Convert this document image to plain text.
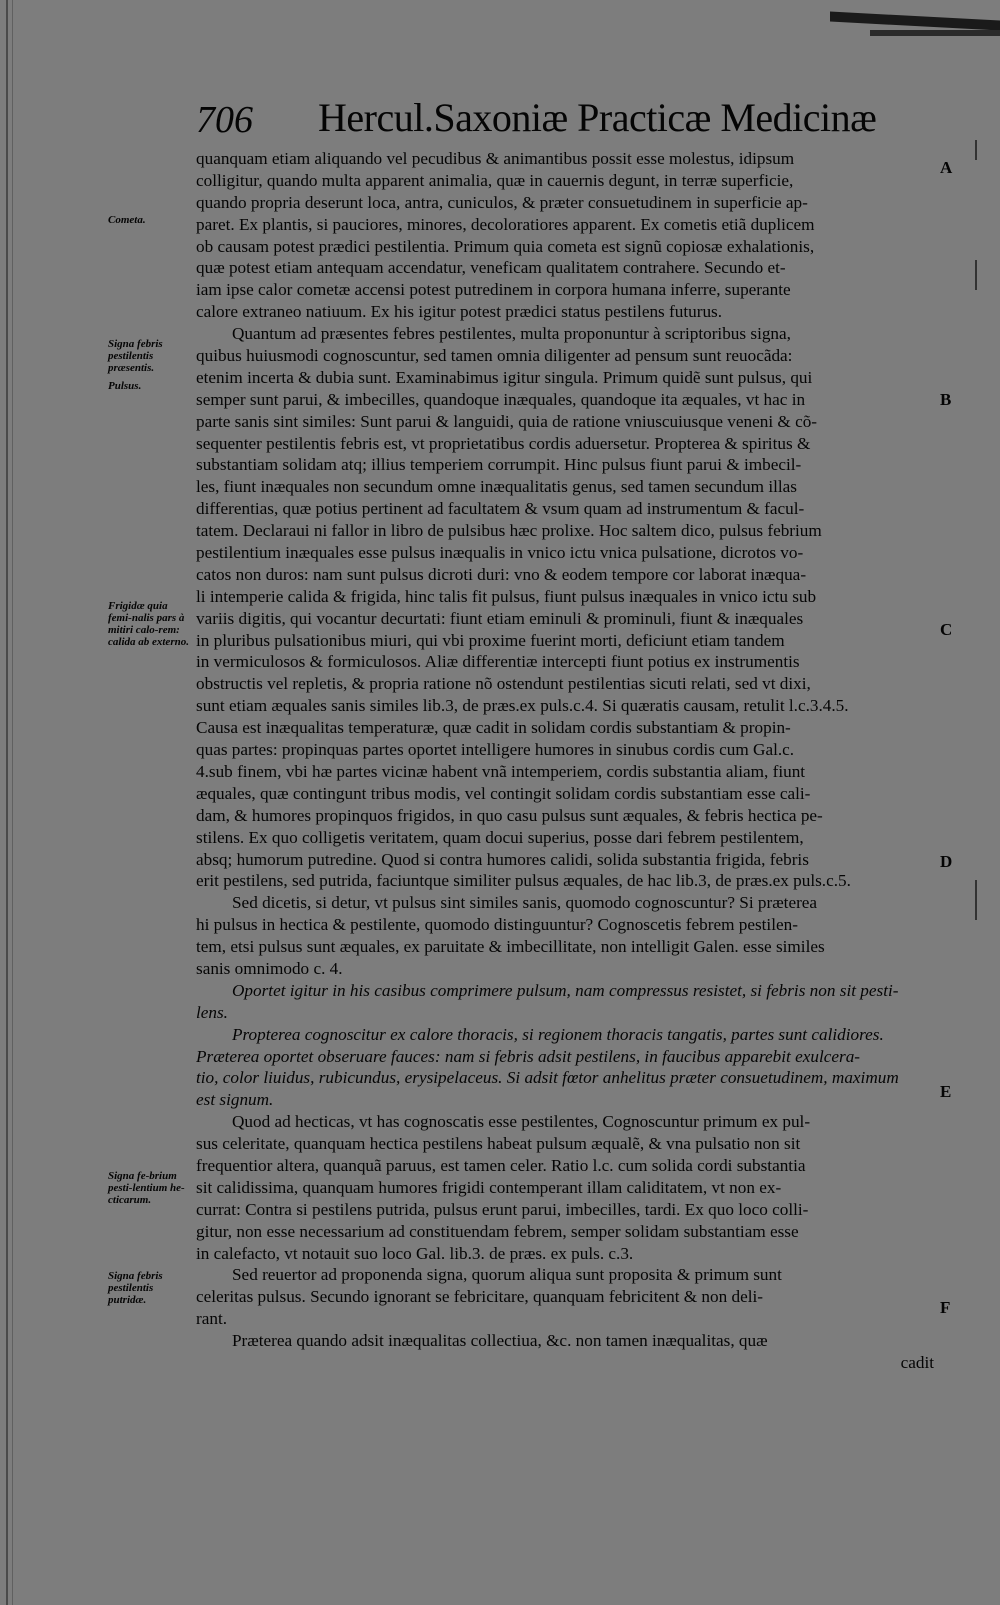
706 Hercul.Saxoniæ Practicæ Medicinæ
Cometa.
Signa febris pestilentis præsentis.
Pulsus.
Frigidæ quia femi-nalis pars à mitiri calo-rem: calida ab externo.
Signa fe-brium pesti-lentium he-cticarum.
Signa febris pestilentis putridæ.
A
B
C
D
E
F
quanquam etiam aliquando vel pecudibus & animantibus possit esse molestus, idipsum
colligitur, quando multa apparent animalia, quæ in cauernis degunt, in terræ superficie,
quando propria deserunt loca, antra, cuniculos, & præter consuetudinem in superficie ap-
paret. Ex plantis, si pauciores, minores, decoloratiores apparent. Ex cometis etiã duplicem
ob causam potest prædici pestilentia. Primum quia cometa est signũ copiosæ exhalationis,
quæ potest etiam antequam accendatur, veneficam qualitatem contrahere. Secundo et-
iam ipse calor cometæ accensi potest putredinem in corpora humana inferre, superante
calore extraneo natiuum. Ex his igitur potest prædici status pestilens futurus.
Quantum ad præsentes febres pestilentes, multa proponuntur à scriptoribus signa,
quibus huiusmodi cognoscuntur, sed tamen omnia diligenter ad pensum sunt reuocãda:
etenim incerta & dubia sunt. Examinabimus igitur singula. Primum quidẽ sunt pulsus, qui
semper sunt parui, & imbecilles, quandoque inæquales, quandoque ita æquales, vt hac in
parte sanis sint similes: Sunt parui & languidi, quia de ratione vniuscuiusque veneni & cõ-
sequenter pestilentis febris est, vt proprietatibus cordis aduersetur. Propterea & spiritus &
substantiam solidam atq; illius temperiem corrumpit. Hinc pulsus fiunt parui & imbecil-
les, fiunt inæquales non secundum omne inæqualitatis genus, sed tamen secundum illas
differentias, quæ potius pertinent ad facultatem & vsum quam ad instrumentum & facul-
tatem. Declaraui ni fallor in libro de pulsibus hæc prolixe. Hoc saltem dico, pulsus febrium
pestilentium inæquales esse pulsus inæqualis in vnico ictu vnica pulsatione, dicrotos vo-
catos non duros: nam sunt pulsus dicroti duri: vno & eodem tempore cor laborat inæqua-
li intemperie calida & frigida, hinc talis fit pulsus, fiunt pulsus inæquales in vnico ictu sub
variis digitis, qui vocantur decurtati: fiunt etiam eminuli & prominuli, fiunt & inæquales
in pluribus pulsationibus miuri, qui vbi proxime fuerint morti, deficiunt etiam tandem
in vermiculosos & formiculosos. Aliæ differentiæ intercepti fiunt potius ex instrumentis
obstructis vel repletis, & propria ratione nõ ostendunt pestilentias sicuti relati, sed vt dixi,
sunt etiam æquales sanis similes lib.3, de præs.ex puls.c.4. Si quæratis causam, retulit l.c.3.4.5.
Causa est inæqualitas temperaturæ, quæ cadit in solidam cordis substantiam & propin-
quas partes: propinquas partes oportet intelligere humores in sinubus cordis cum Gal.c.
4.sub finem, vbi hæ partes vicinæ habent vnã intemperiem, cordis substantia aliam, fiunt
æquales, quæ contingunt tribus modis, vel contingit solidam cordis substantiam esse cali-
dam, & humores propinquos frigidos, in quo casu pulsus sunt æquales, & febris hectica pe-
stilens. Ex quo colligetis veritatem, quam docui superius, posse dari febrem pestilentem,
absq; humorum putredine. Quod si contra humores calidi, solida substantia frigida, febris
erit pestilens, sed putrida, faciuntque similiter pulsus æquales, de hac lib.3, de præs.ex puls.c.5.
Sed dicetis, si detur, vt pulsus sint similes sanis, quomodo cognoscuntur? Si præterea
hi pulsus in hectica & pestilente, quomodo distinguuntur? Cognoscetis febrem pestilen-
tem, etsi pulsus sunt æquales, ex paruitate & imbecillitate, non intelligit Galen. esse similes
sanis omnimodo c. 4.
Oportet igitur in his casibus comprimere pulsum, nam compressus resistet, si febris non sit pesti-
lens.
Propterea cognoscitur ex calore thoracis, si regionem thoracis tangatis, partes sunt calidiores.
Præterea oportet obseruare fauces: nam si febris adsit pestilens, in faucibus apparebit exulcera-
tio, color liuidus, rubicundus, erysipelaceus. Si adsit fœtor anhelitus præter consuetudinem, maximum
est signum.
Quod ad hecticas, vt has cognoscatis esse pestilentes, Cognoscuntur primum ex pul-
sus celeritate, quanquam hectica pestilens habeat pulsum æqualẽ, & vna pulsatio non sit
frequentior altera, quanquã paruus, est tamen celer. Ratio l.c. cum solida cordi substantia
sit calidissima, quanquam humores frigidi contemperant illam caliditatem, vt non ex-
currat: Contra si pestilens putrida, pulsus erunt parui, imbecilles, tardi. Ex quo loco colli-
gitur, non esse necessarium ad constituendam febrem, semper solidam substantiam esse
in calefacto, vt notauit suo loco Gal. lib.3. de præs. ex puls. c.3.
Sed reuertor ad proponenda signa, quorum aliqua sunt proposita & primum sunt
celeritas pulsus. Secundo ignorant se febricitare, quanquam febricitent & non deli-
rant.
Præterea quando adsit inæqualitas collectiua, &c. non tamen inæqualitas, quæ
cadit
